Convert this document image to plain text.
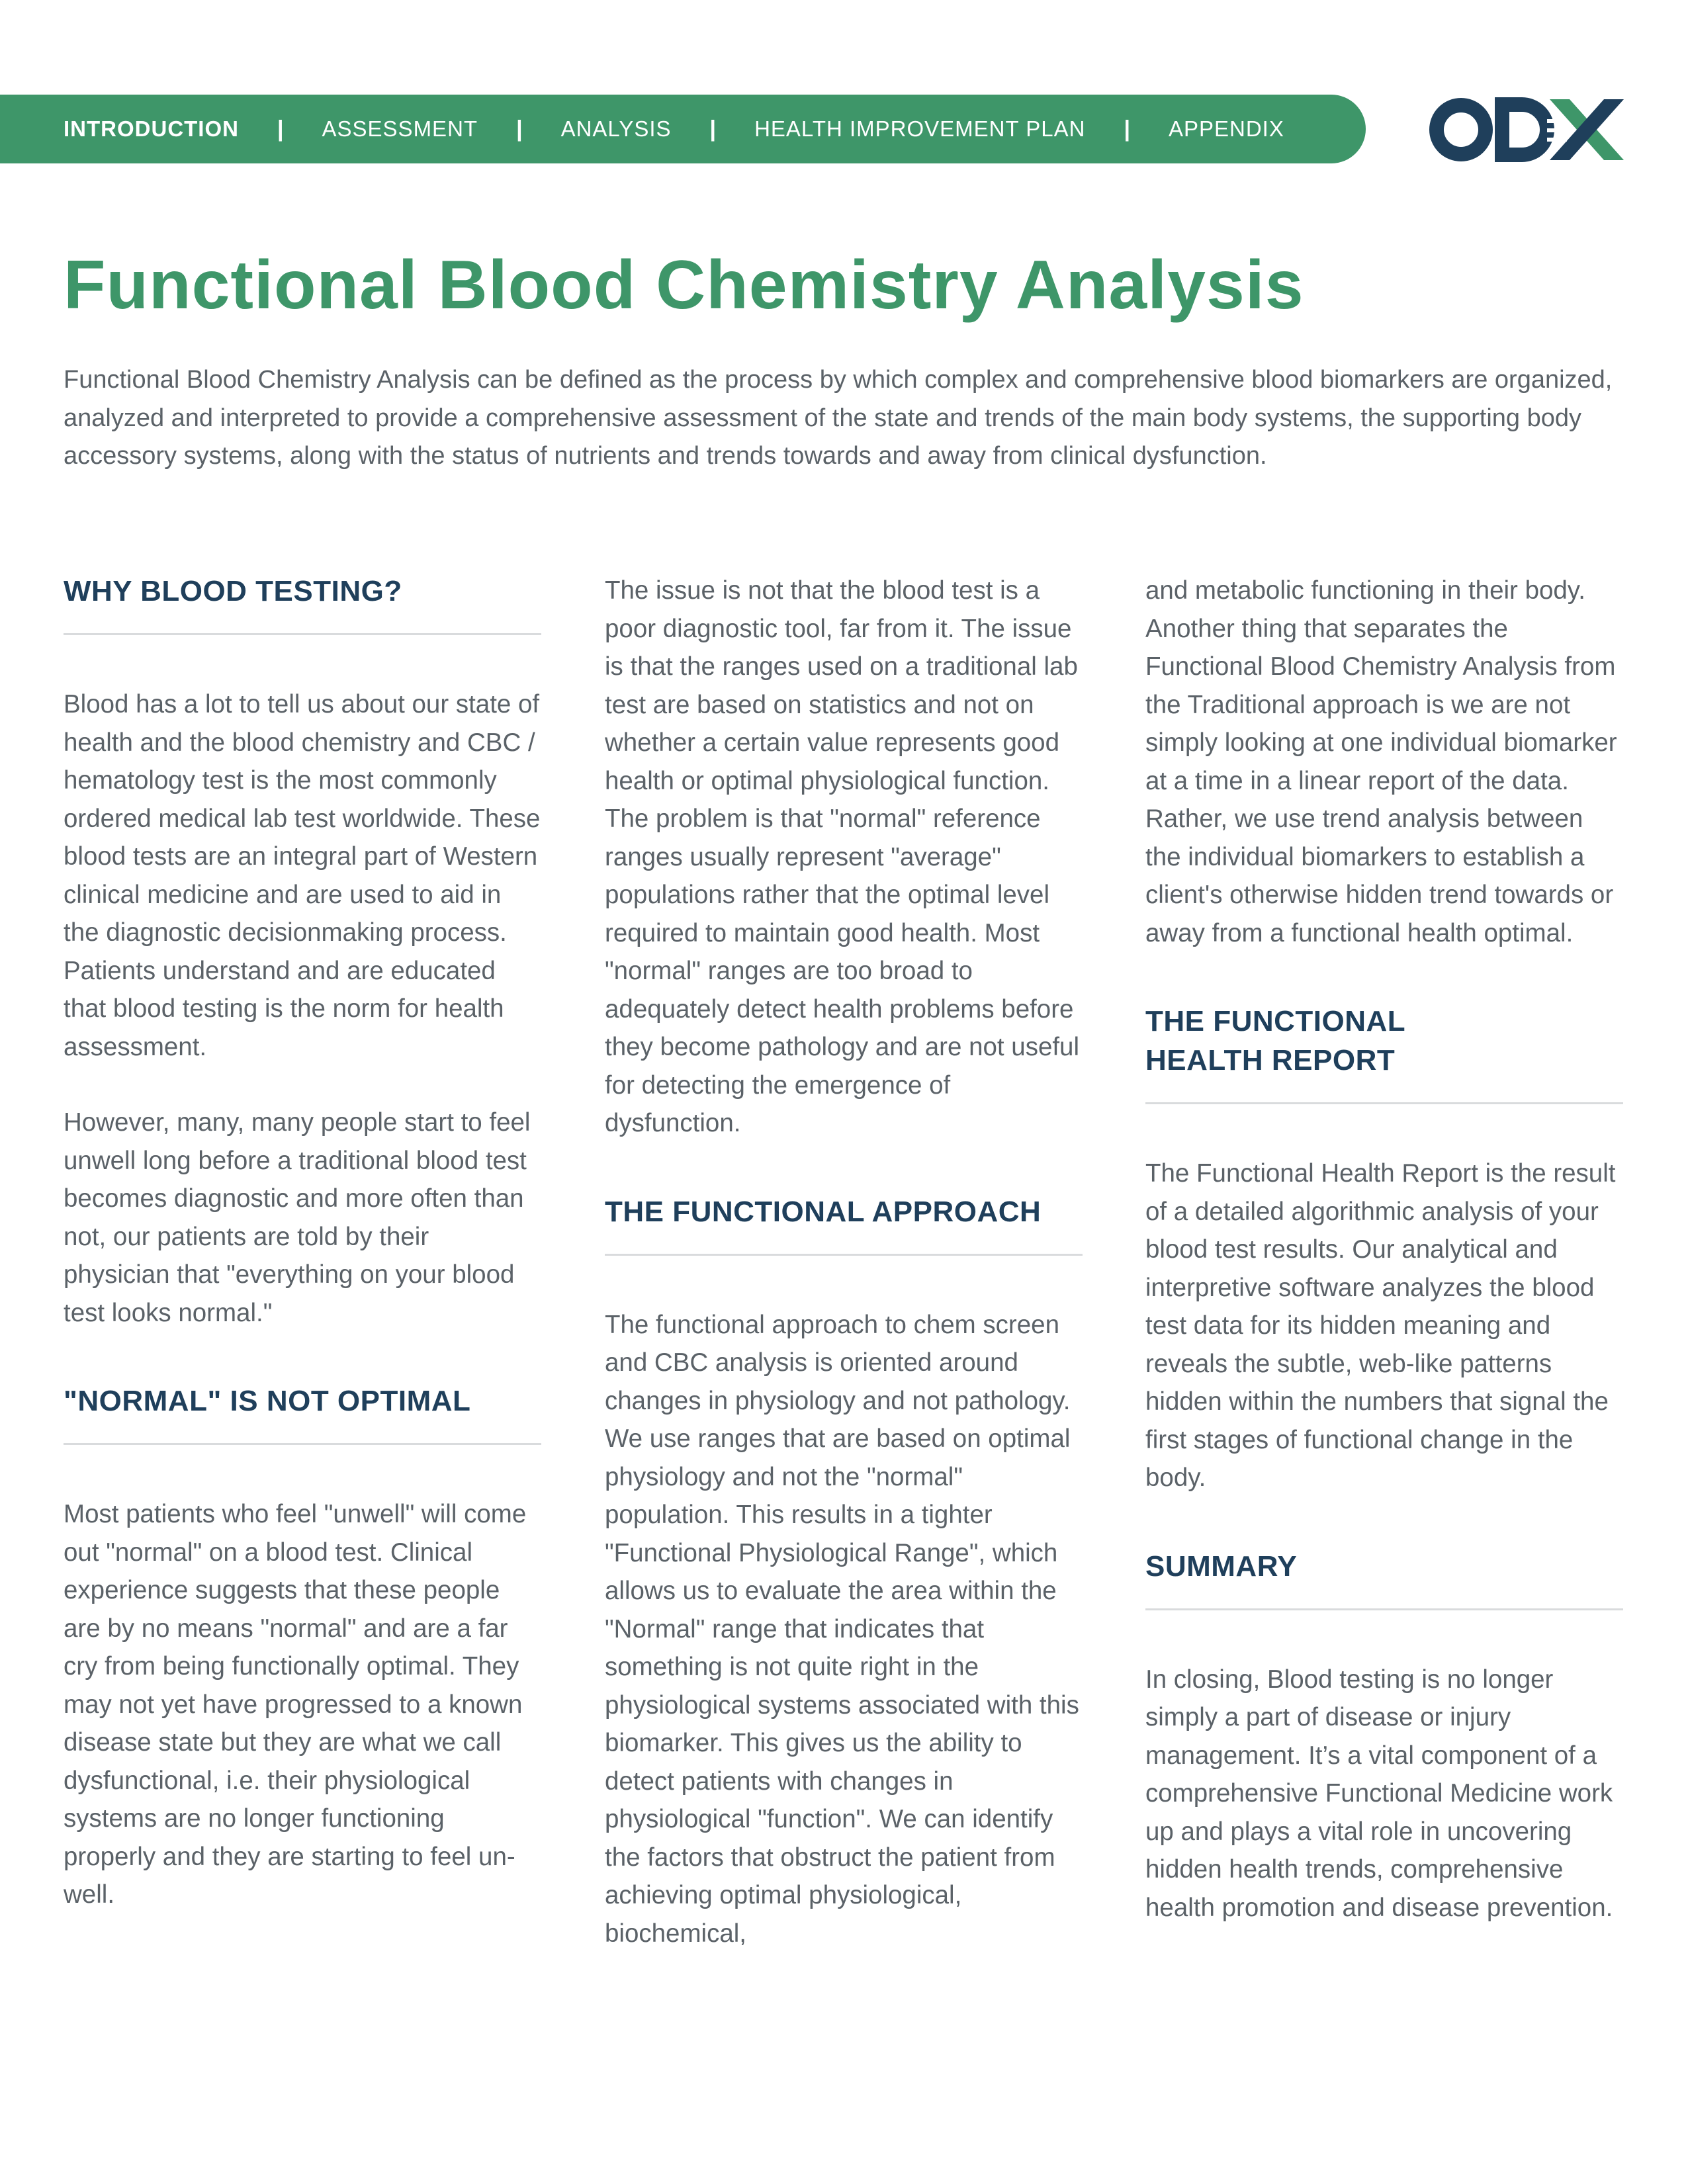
INTRODUCTION | ASSESSMENT | ANALYSIS | HEALTH IMPROVEMENT PLAN | APPENDIX
Functional Blood Chemistry Analysis

Functional Blood Chemistry Analysis can be defined as the process by which complex and comprehensive blood biomarkers are organized, analyzed and interpreted to provide a comprehensive assessment of the state and trends of the main body systems, the supporting body accessory systems, along with the status of nutrients and trends towards and away from clinical dysfunction.

WHY BLOOD TESTING?

Blood has a lot to tell us about our state of health and the blood chemistry and CBC / hematology test is the most commonly ordered medical lab test worldwide. These blood tests are an integral part of Western clinical medicine and are used to aid in the diagnostic decisionmaking process. Patients understand and are educated that blood testing is the norm for health assessment.

However, many, many people start to feel unwell long before a traditional blood test becomes diagnostic and more often than not, our patients are told by their physician that "everything on your blood test looks normal."

"NORMAL" IS NOT OPTIMAL

Most patients who feel "unwell" will come out "normal" on a blood test. Clinical experience suggests that these people are by no means "normal" and are a far cry from being functionally optimal. They may not yet have progressed to a known disease state but they are what we call dysfunctional, i.e. their physiological systems are no longer functioning properly and they are starting to feel un-well.

The issue is not that the blood test is a poor diagnostic tool, far from it. The issue is that the ranges used on a traditional lab test are based on statistics and not on whether a certain value represents good health or optimal physiological function. The problem is that "normal" reference ranges usually represent "average" populations rather that the optimal level required to maintain good health. Most "normal" ranges are too broad to adequately detect health problems before they become pathology and are not useful for detecting the emergence of dysfunction.

THE FUNCTIONAL APPROACH

The functional approach to chem screen and CBC analysis is oriented around changes in physiology and not pathology. We use ranges that are based on optimal physiology and not the "normal" population. This results in a tighter "Functional Physiological Range", which allows us to evaluate the area within the "Normal" range that indicates that something is not quite right in the physiological systems associated with this biomarker. This gives us the ability to detect patients with changes in physiological "function". We can identify the factors that obstruct the patient from achieving optimal physiological, biochemical,

and metabolic functioning in their body. Another thing that separates the Functional Blood Chemistry Analysis from the Traditional approach is we are not simply looking at one individual biomarker at a time in a linear report of the data. Rather, we use trend analysis between the individual biomarkers to establish a client's otherwise hidden trend towards or away from a functional health optimal.

THE FUNCTIONAL
HEALTH REPORT

The Functional Health Report is the result of a detailed algorithmic analysis of your blood test results. Our analytical and interpretive software analyzes the blood test data for its hidden meaning and reveals the subtle, web-like patterns hidden within the numbers that signal the first stages of functional change in the body.

SUMMARY

In closing, Blood testing is no longer simply a part of disease or injury management. It’s a vital component of a comprehensive Functional Medicine work up and plays a vital role in uncovering hidden health trends, comprehensive health promotion and disease prevention.
